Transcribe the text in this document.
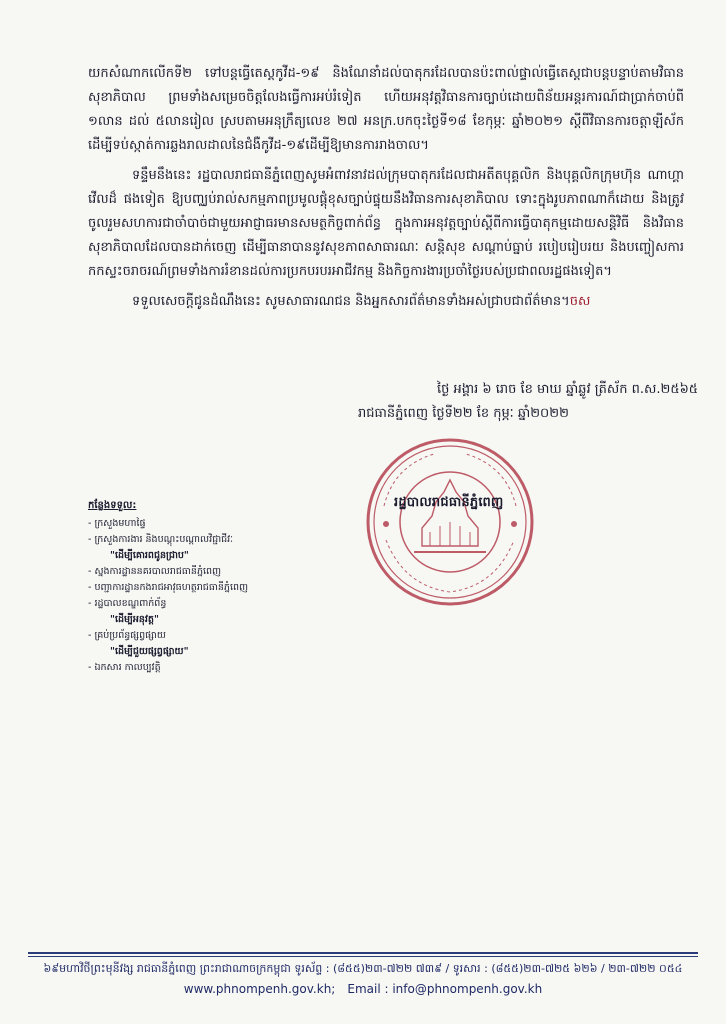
យកសំណាកលើកទី២ ទៅបន្ត​ធ្វើតេស្តកូវីដ-១៩ និងណែនាំដល់បាតុករដែលបានប៉ះពាល់ផ្ទាល់ធ្វើតេស្ត​ជាបន្តបន្ទាប់តាមវិធានសុខាភិបាល ព្រមទាំងសម្រេចចិត្តលែងធ្វើការអប់រំទៀត ហើយអនុវត្តវិធានការច្បាប់​ដោយពិន័យអន្តរការណ៍ជាប្រាក់ចាប់ពី ១លាន ដល់ ៥លានរៀល ស្របតាមអនុក្រឹត្យលេខ ២៧ អនក្រ.បក​ចុះថ្ងៃទី១៨ ខែកុម្ភៈ ឆ្នាំ២០២១ ស្តីពីវិធានការចត្តាឡីស័កដើម្បីទប់ស្កាត់ការឆ្លងរាលដាលនៃជំងឺកូវីដ-១៩​ដើម្បីឱ្យមានការរាងចាល។

ទន្ទឹមនឹងនេះ រដ្ឋបាលរាជធានីភ្នំពេញសូមអំពាវនាវដល់ក្រុមបាតុករដែលជាអតីតបុគ្គលិក និង​បុគ្គលិកក្រុមហ៊ុន ណាហ្គា វើលដ៏ ផងទៀត ឱ្យបញ្ឈប់រាល់សកម្មភាពប្រមូលផ្តុំខុសច្បាប់ផ្ទុយនឹងវិធានការ​សុខាភិបាល ទោះក្នុងរូបភាពណាក៏ដោយ និងត្រូវចូលរួមសហការជាចាំបាច់ជាមួយអាជ្ញាធរមានសមត្ថកិច្ច​ពាក់ព័ន្ធ ក្នុងការអនុវត្តច្បាប់ស្តីពីការធ្វើបាតុកម្មដោយសន្តិវិធី និងវិធានសុខាភិបាលដែលបានដាក់ចេញ ដើម្បី​ធានាបាននូវសុខភាពសាធារណៈ សន្តិសុខ សណ្តាប់ធ្នាប់ របៀបរៀបរយ និងបញ្ចៀសការកកស្ទះចរាចរណ៍​ព្រមទាំងការរំខានដល់ការប្រកបរបរអាជីវកម្ម និងកិច្ចការងារប្រចាំថ្ងៃរបស់ប្រជាពលរដ្ឋផងទៀត។

ទទួលសេចក្តីជូនដំណឹងនេះ សូមសាធារណជន និងអ្នកសារព័ត៌មានទាំងអស់ជ្រាបជាព័ត៌មាន។ចស

ថ្ងៃ អង្គារ ៦ រោច ខែ មាឃ ឆ្នាំឆ្លូវ ត្រីស័ក ព.ស.២៥៦៥
រាជធានីភ្នំពេញ ថ្ងៃទី២២ ខែ កុម្ភៈ ឆ្នាំ២០២២
រដ្ឋបាលរាជធានីភ្នំពេញ
កន្លែងទទួល:
- ក្រសួងមហាផ្ទៃ
- ក្រសួងការងារ និងបណ្តុះបណ្តាលវិជ្ជាជីវៈ
"ដើម្បីគោរពជូនជ្រាប"
- ស្នងការដ្ឋាននគរបាលរាជធានីភ្នំពេញ
- បញ្ជាការដ្ឋានកងរាជអាវុធហត្ថរាជធានីភ្នំពេញ
- រដ្ឋបាលខណ្ឌពាក់ព័ន្ធ
"ដើម្បីអនុវត្ត"
- គ្រប់ប្រព័ន្ធផ្សព្វផ្សាយ
"ដើម្បីជួយផ្សព្វផ្សាយ"
- ឯកសារ កាលប្បវត្តិ
៦៩មហាវិថីព្រះមុនីវង្ស រាជធានីភ្នំពេញ ព្រះរាជាណាចក្រកម្ពុជា ទូរស័ព្ទ : (៨៥៥)២៣-៧២២ ៧៣៩ / ទូរសារ : (៨៥៥)២៣-៧២៥ ៦២៦ / ២៣-៧២២ ០៥៤
www.phnompenh.gov.kh; Email : info@phnompenh.gov.kh
